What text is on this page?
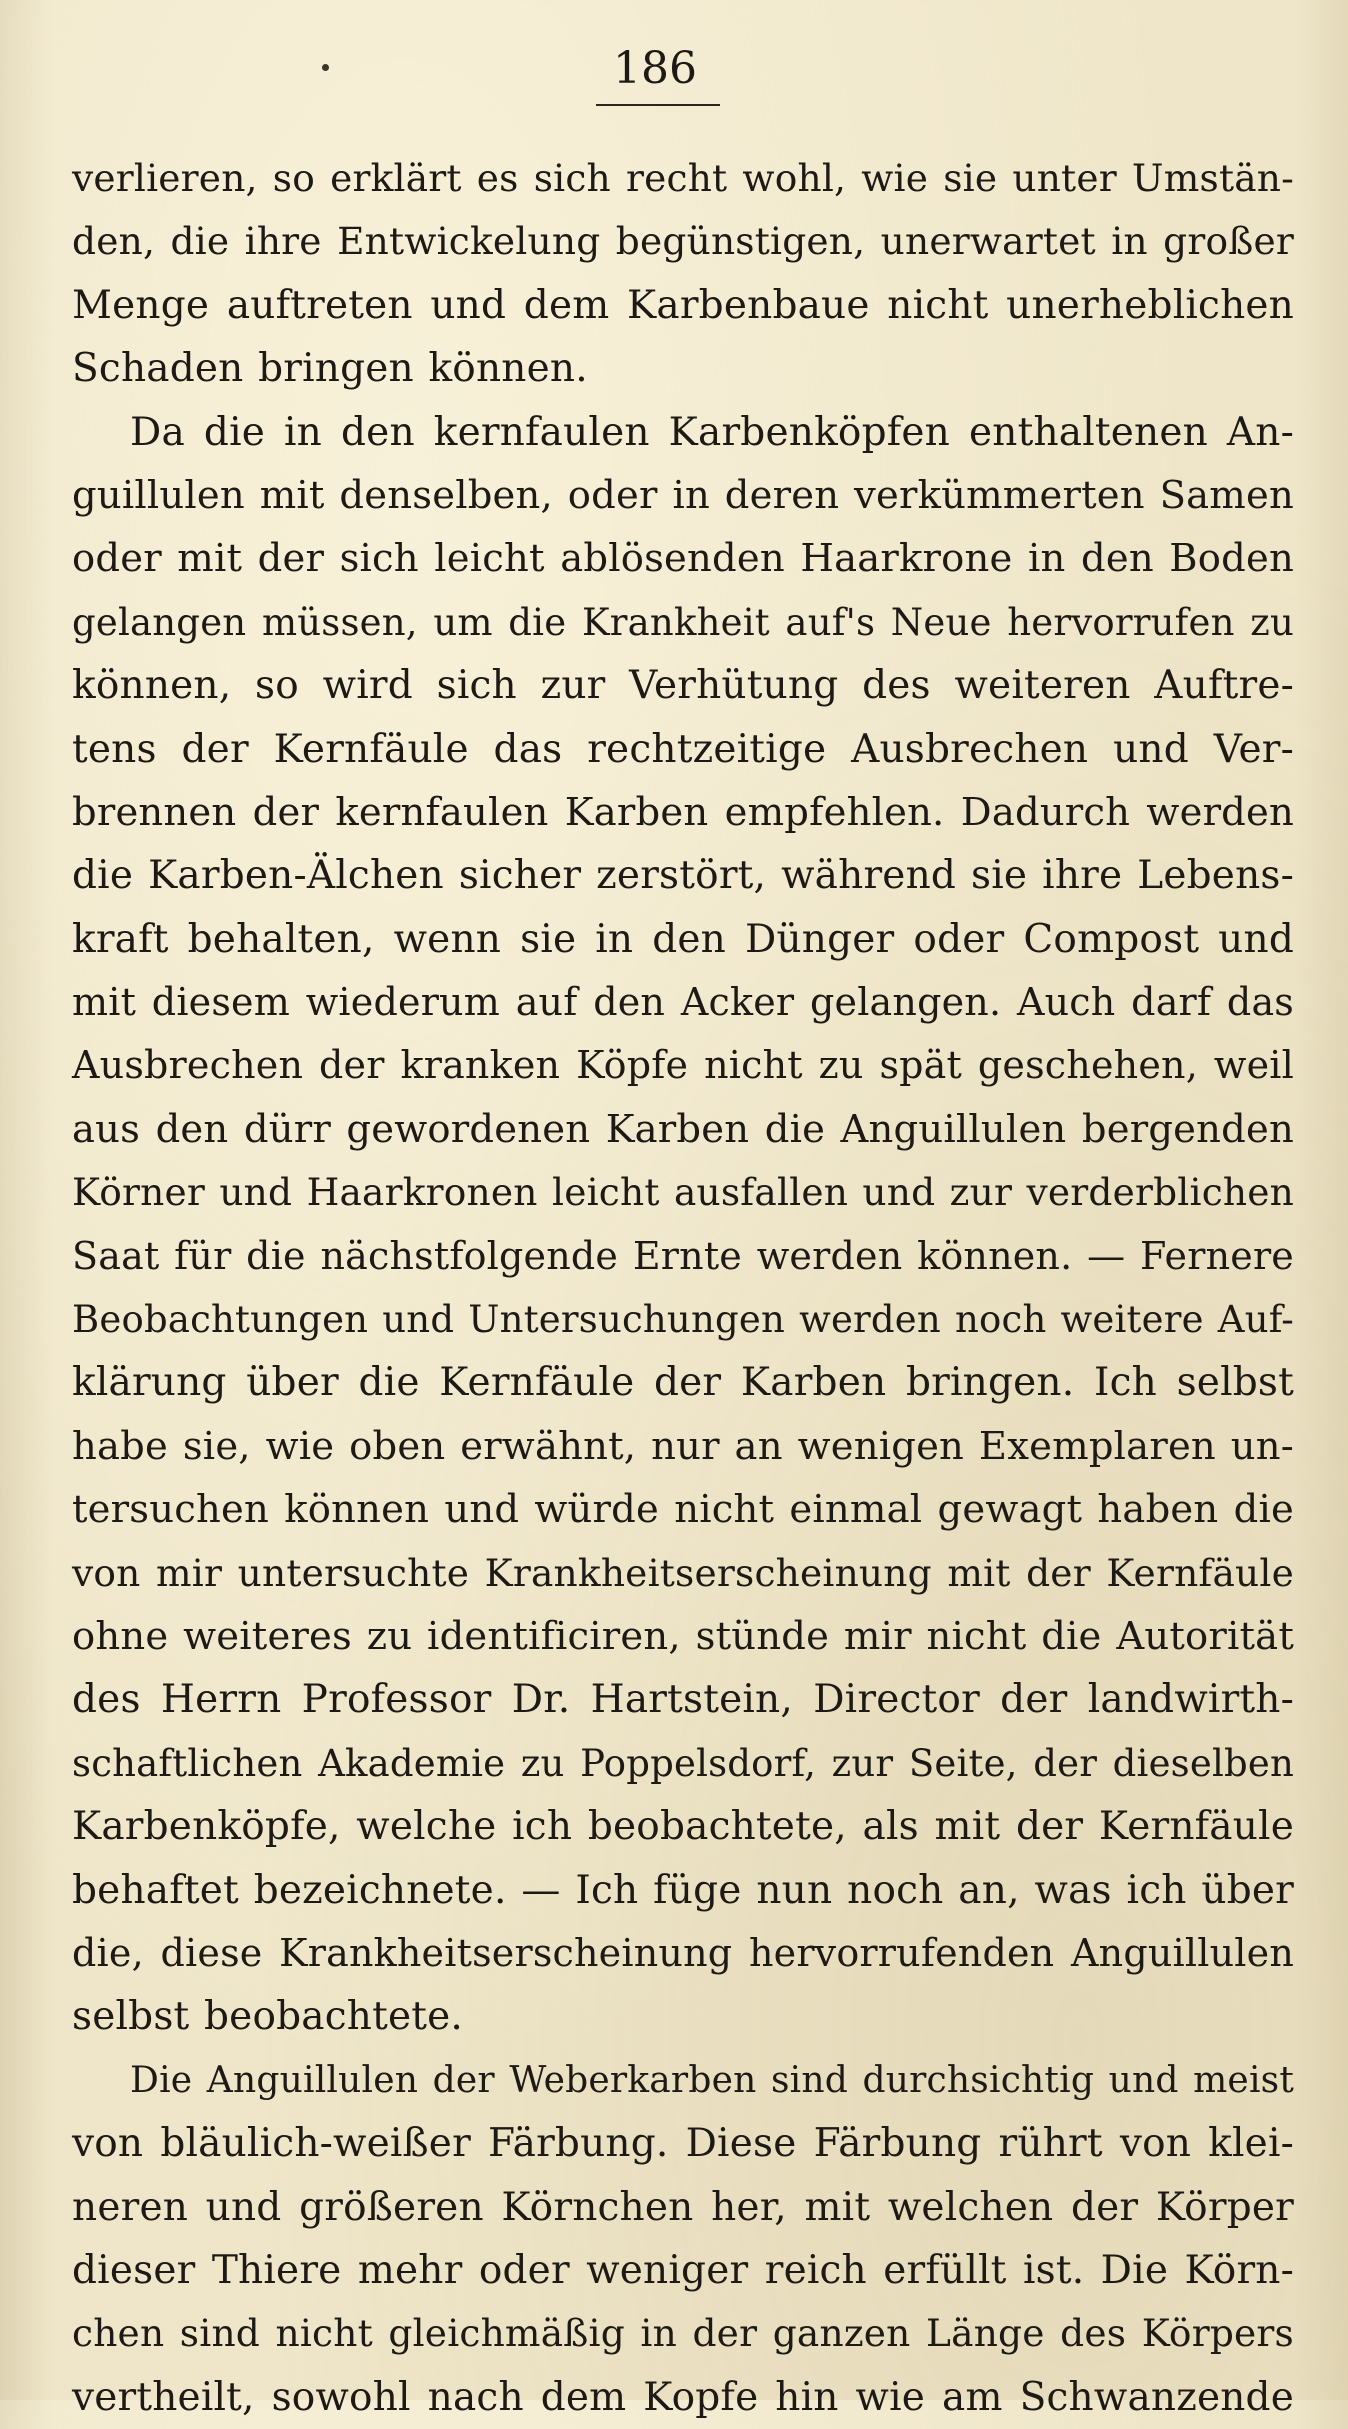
186
verlieren, so erklärt es sich recht wohl, wie sie unter Umstän-
den, die ihre Entwickelung begünstigen, unerwartet in großer
Menge auftreten und dem Karbenbaue nicht unerheblichen
Schaden bringen können.
Da die in den kernfaulen Karbenköpfen enthaltenen An-
guillulen mit denselben, oder in deren verkümmerten Samen
oder mit der sich leicht ablösenden Haarkrone in den Boden
gelangen müssen, um die Krankheit auf's Neue hervorrufen zu
können, so wird sich zur Verhütung des weiteren Auftre-
tens der Kernfäule das rechtzeitige Ausbrechen und Ver-
brennen der kernfaulen Karben empfehlen. Dadurch werden
die Karben-Älchen sicher zerstört, während sie ihre Lebens-
kraft behalten, wenn sie in den Dünger oder Compost und
mit diesem wiederum auf den Acker gelangen. Auch darf das
Ausbrechen der kranken Köpfe nicht zu spät geschehen, weil
aus den dürr gewordenen Karben die Anguillulen bergenden
Körner und Haarkronen leicht ausfallen und zur verderblichen
Saat für die nächstfolgende Ernte werden können. — Fernere
Beobachtungen und Untersuchungen werden noch weitere Auf-
klärung über die Kernfäule der Karben bringen. Ich selbst
habe sie, wie oben erwähnt, nur an wenigen Exemplaren un-
tersuchen können und würde nicht einmal gewagt haben die
von mir untersuchte Krankheitserscheinung mit der Kernfäule
ohne weiteres zu identificiren, stünde mir nicht die Autorität
des Herrn Professor Dr. Hartstein, Director der landwirth-
schaftlichen Akademie zu Poppelsdorf, zur Seite, der dieselben
Karbenköpfe, welche ich beobachtete, als mit der Kernfäule
behaftet bezeichnete. — Ich füge nun noch an, was ich über
die, diese Krankheitserscheinung hervorrufenden Anguillulen
selbst beobachtete.
Die Anguillulen der Weberkarben sind durchsichtig und meist
von bläulich-weißer Färbung. Diese Färbung rührt von klei-
neren und größeren Körnchen her, mit welchen der Körper
dieser Thiere mehr oder weniger reich erfüllt ist. Die Körn-
chen sind nicht gleichmäßig in der ganzen Länge des Körpers
vertheilt, sowohl nach dem Kopfe hin wie am Schwanzende
